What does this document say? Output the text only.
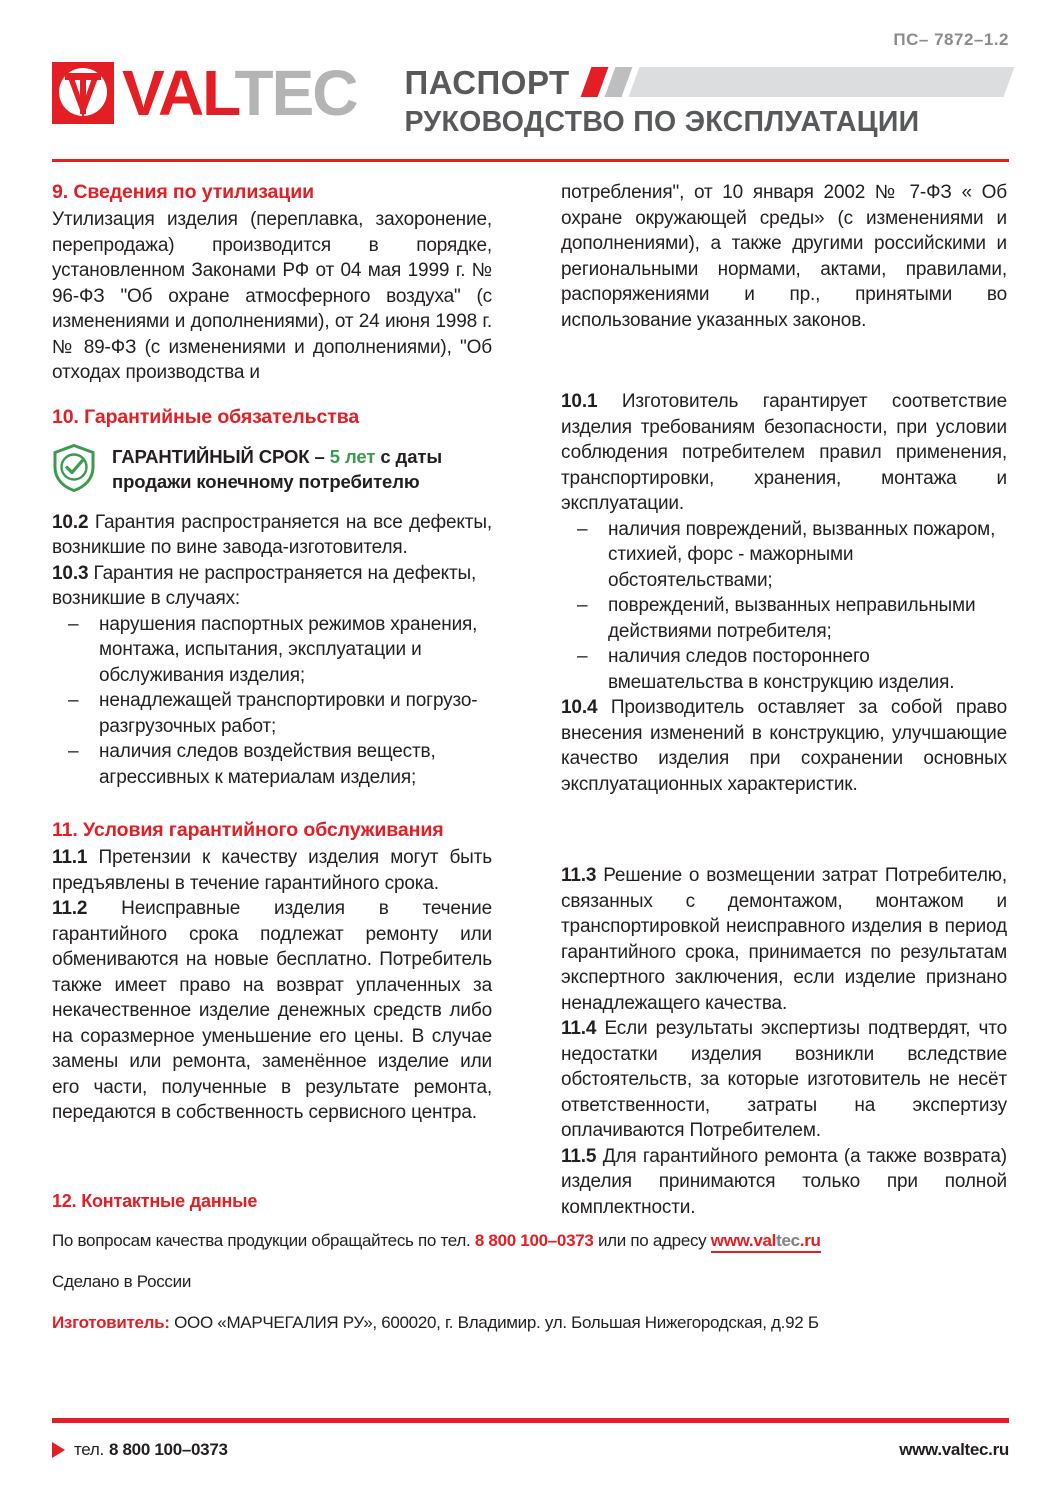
ПС– 7872–1.2
VALTEC ПАСПОРТ
РУКОВОДСТВО ПО ЭКСПЛУАТАЦИИ
9. Сведения по утилизации

Утилизация изделия (переплавка, захоронение, перепродажа) производится в порядке, установленном Законами РФ от 04 мая 1999 г. № 96-ФЗ "Об охране атмосферного воздуха" (с изменениями и дополнениями), от 24 июня 1998 г. № 89-ФЗ (с изменениями и дополнениями), "Об отходах производства и

10. Гарантийные обязательства
ГАРАНТИЙНЫЙ СРОК – 5 лет с даты
продажи конечному потребителю

10.2 Гарантия распространяется на все дефекты, возникшие по вине завода-изготовителя.

10.3 Гарантия не распространяется на дефекты, возникшие в случаях:

– нарушения паспортных режимов хранения, монтажа, испытания, эксплуатации и обслуживания изделия;
– ненадлежащей транспортировки и погрузо-разгрузочных работ;
– наличия следов воздействия веществ, агрессивных к материалам изделия;
11. Условия гарантийного обслуживания

11.1 Претензии к качеству изделия могут быть предъявлены в течение гарантийного срока.

11.2 Неисправные изделия в течение гарантийного срока подлежат ремонту или обмениваются на новые бесплатно. Потребитель также имеет право на возврат уплаченных за некачественное изделие денежных средств либо на соразмерное уменьшение его цены. В случае замены или ремонта, заменённое изделие или его части, полученные в результате ремонта, передаются в собственность сервисного центра.

потребления", от 10 января 2002 № 7-ФЗ « Об охране окружающей среды» (с изменениями и дополнениями), а также другими российскими и региональными нормами, актами, правилами, распоряжениями и пр., принятыми во использование указанных законов.

10.1 Изготовитель гарантирует соответствие изделия требованиям безопасности, при условии соблюдения потребителем правил применения, транспортировки, хранения, монтажа и эксплуатации.

– наличия повреждений, вызванных пожаром, стихией, форс - мажорными обстоятельствами;
– повреждений, вызванных неправильными действиями потребителя;
– наличия следов постороннего вмешательства в конструкцию изделия.

10.4 Производитель оставляет за собой право внесения изменений в конструкцию, улучшающие качество изделия при сохранении основных эксплуатационных характеристик.

11.3 Решение о возмещении затрат Потребителю, связанных с демонтажом, монтажом и транспортировкой неисправного изделия в период гарантийного срока, принимается по результатам экспертного заключения, если изделие признано ненадлежащего качества.

11.4 Если результаты экспертизы подтвердят, что недостатки изделия возникли вследствие обстоятельств, за которые изготовитель не несёт ответственности, затраты на экспертизу оплачиваются Потребителем.

11.5 Для гарантийного ремонта (а также возврата) изделия принимаются только при полной комплектности.

12. Контактные данные
По вопросам качества продукции обращайтесь по тел. 8 800 100–0373 или по адресу www.valtec.ru
Сделано в России
Изготовитель: ООО «МАРЧЕГАЛИЯ РУ», 600020, г. Владимир. ул. Большая Нижегородская, д.92 Б
тел. 8 800 100–0373	www.valtec.ru
